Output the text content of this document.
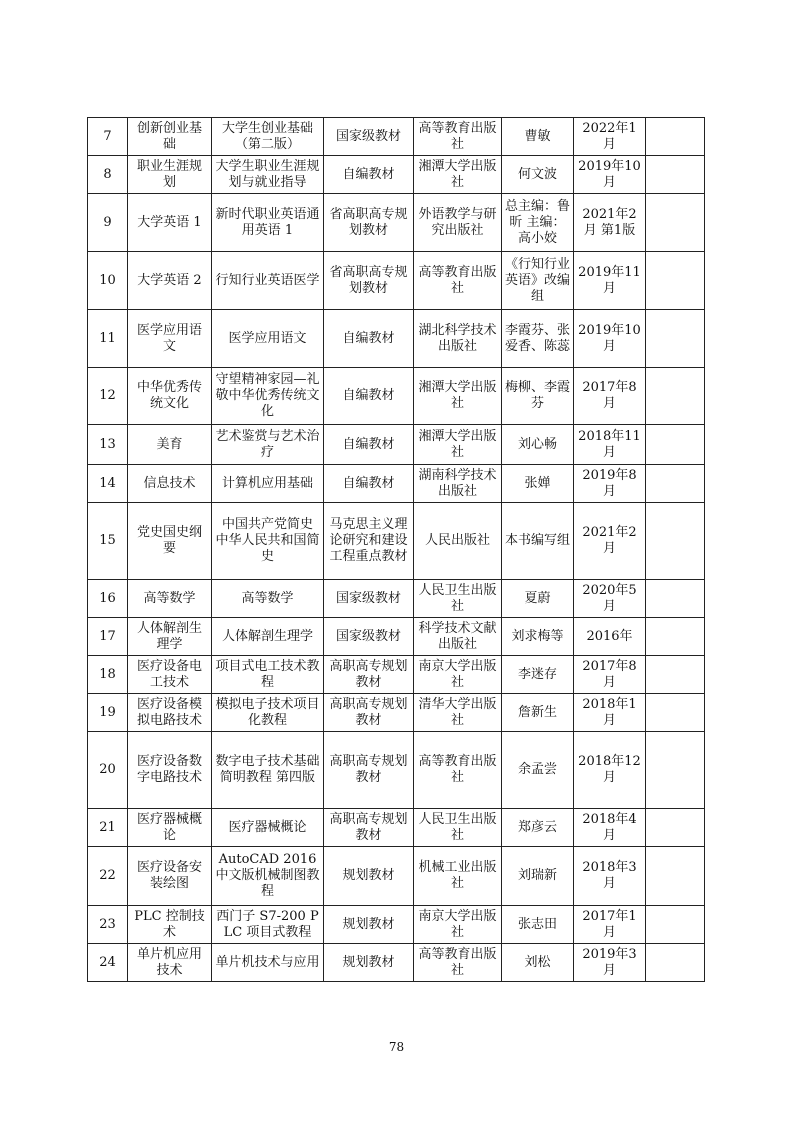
7	创新创业基础	大学生创业基础（第二版）	国家级教材	高等教育出版社	曹敏	2022年1月	
8	职业生涯规划	大学生职业生涯规划与就业指导	自编教材	湘潭大学出版社	何文波	2019年10月	
9	大学英语 1	新时代职业英语通用英语 1	省高职高专规划教材	外语教学与研究出版社	总主编：鲁昕 主编：高小姣	2021年2月 第1版	
10	大学英语 2	行知行业英语医学	省高职高专规划教材	高等教育出版社	《行知行业英语》改编组	2019年11月	
11	医学应用语文	医学应用语文	自编教材	湖北科学技术出版社	李霞芬、张爱香、陈蕊	2019年10月	
12	中华优秀传统文化	守望精神家园—礼敬中华优秀传统文化	自编教材	湘潭大学出版社	梅柳、李霞芬	2017年8月	
13	美育	艺术鉴赏与艺术治疗	自编教材	湘潭大学出版社	刘心畅	2018年11月	
14	信息技术	计算机应用基础	自编教材	湖南科学技术出版社	张婵	2019年8月	
15	党史国史纲要	中国共产党简史 中华人民共和国简史	马克思主义理论研究和建设工程重点教材	人民出版社	本书编写组	2021年2月	
16	高等数学	高等数学	国家级教材	人民卫生出版社	夏蔚	2020年5月	
17	人体解剖生理学	人体解剖生理学	国家级教材	科学技术文献出版社	刘求梅等	2016年	
18	医疗设备电工技术	项目式电工技术教程	高职高专规划教材	南京大学出版社	李迷存	2017年8月	
19	医疗设备模拟电路技术	模拟电子技术项目化教程	高职高专规划教材	清华大学出版社	詹新生	2018年1月	
20	医疗设备数字电路技术	数字电子技术基础简明教程 第四版	高职高专规划教材	高等教育出版社	余孟尝	2018年12月	
21	医疗器械概论	医疗器械概论	高职高专规划教材	人民卫生出版社	郑彦云	2018年4月	
22	医疗设备安装绘图	AutoCAD 2016 中文版机械制图教程	规划教材	机械工业出版社	刘瑞新	2018年3月	
23	PLC 控制技术	西门子 S7-200 PLC 项目式教程	规划教材	南京大学出版社	张志田	2017年1月	
24	单片机应用技术	单片机技术与应用	规划教材	高等教育出版社	刘松	2019年3月	
78
